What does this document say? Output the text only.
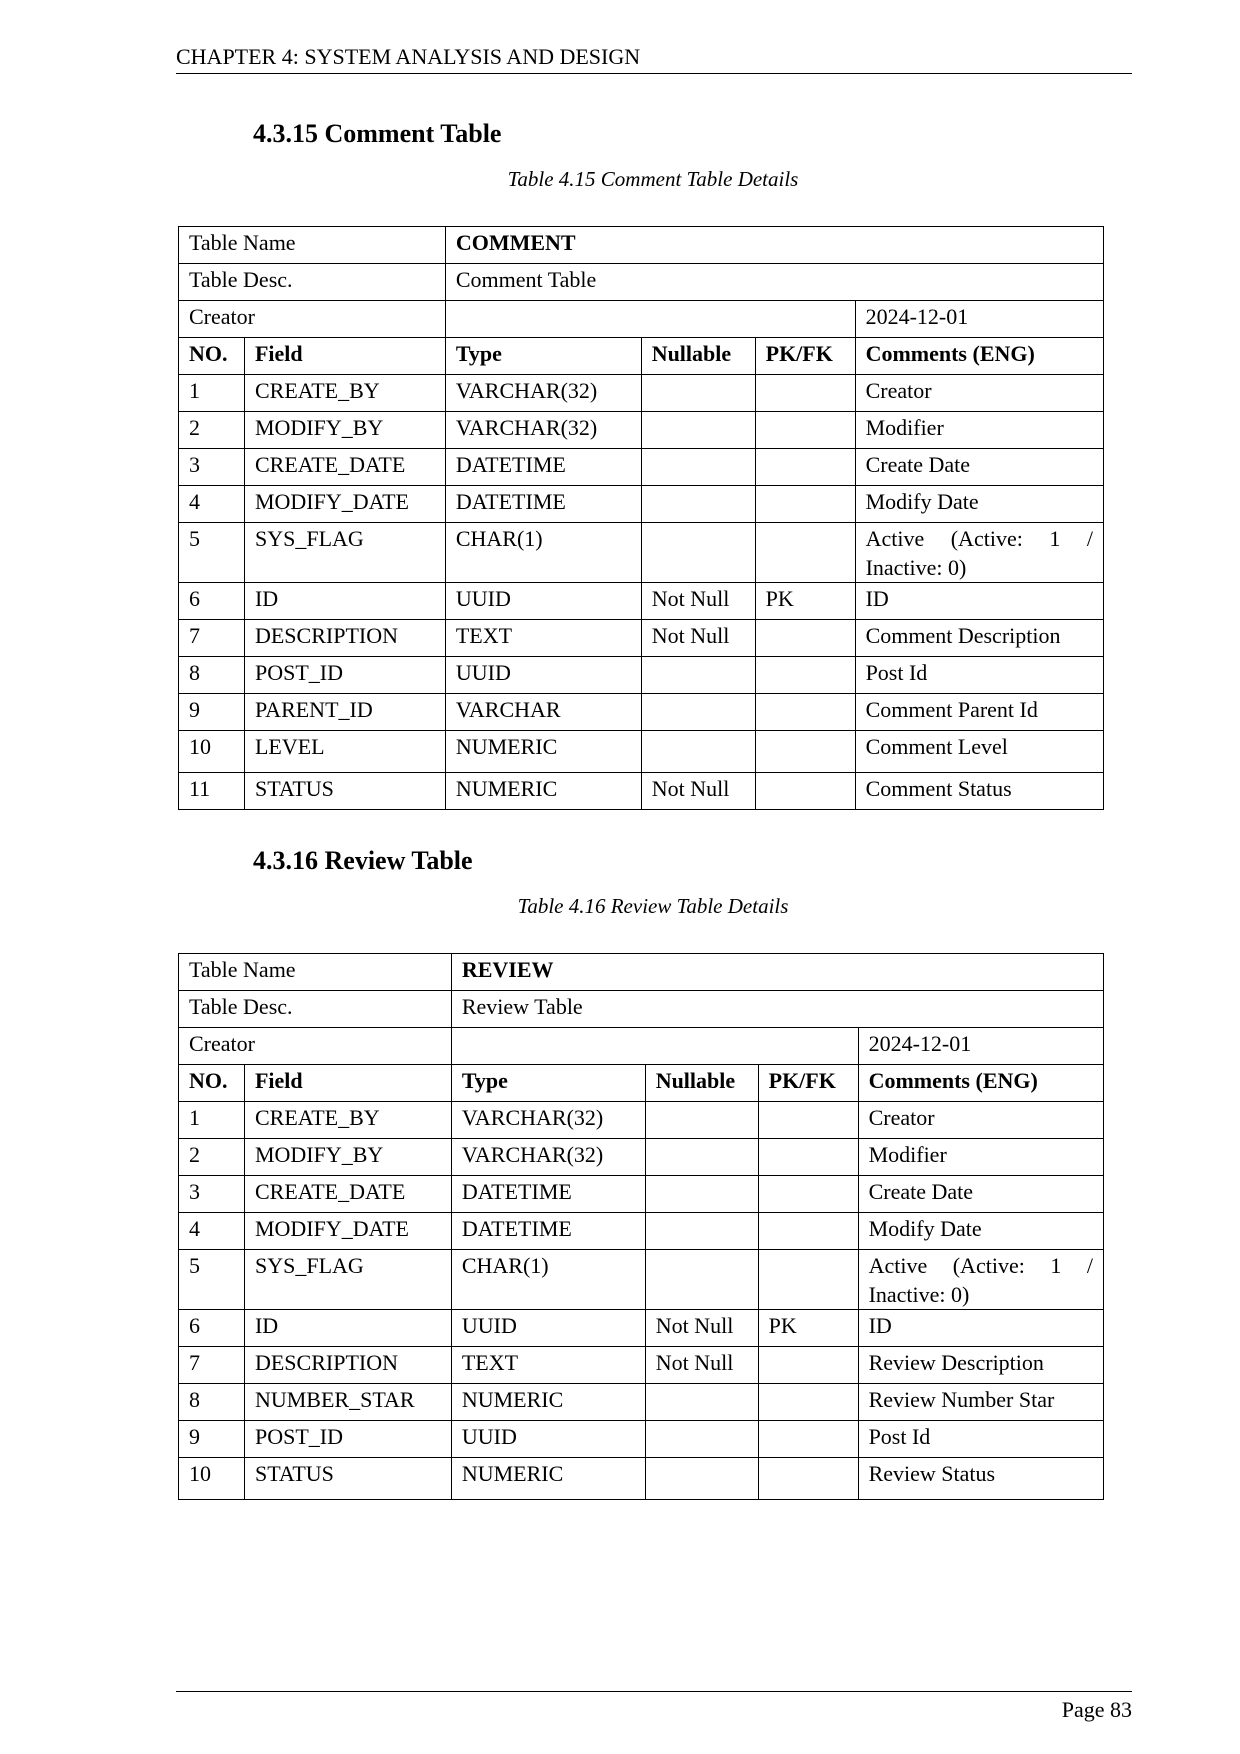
CHAPTER 4: SYSTEM ANALYSIS AND DESIGN
4.3.15 Comment Table
Table 4.15 Comment Table Details
Table Name		COMMENT			
Table Desc.		Comment Table			
Creator					2024-12-01
NO.	Field	Type	Nullable	PK/FK	Comments (ENG)
1	CREATE_BY	VARCHAR(32)			Creator
2	MODIFY_BY	VARCHAR(32)			Modifier
3	CREATE_DATE	DATETIME			Create Date
4	MODIFY_DATE	DATETIME			Modify Date
5	SYS_FLAG	CHAR(1)			Active (Active: 1 / Inactive: 0)
6	ID	UUID	Not Null	PK	ID
7	DESCRIPTION	TEXT	Not Null		Comment Description
8	POST_ID	UUID			Post Id
9	PARENT_ID	VARCHAR			Comment Parent Id
10	LEVEL	NUMERIC			Comment Level
11	STATUS	NUMERIC	Not Null		Comment Status
4.3.16 Review Table
Table 4.16 Review Table Details
Table Name		REVIEW			
Table Desc.		Review Table			
Creator					2024-12-01
NO.	Field	Type	Nullable	PK/FK	Comments (ENG)
1	CREATE_BY	VARCHAR(32)			Creator
2	MODIFY_BY	VARCHAR(32)			Modifier
3	CREATE_DATE	DATETIME			Create Date
4	MODIFY_DATE	DATETIME			Modify Date
5	SYS_FLAG	CHAR(1)			Active (Active: 1 / Inactive: 0)
6	ID	UUID	Not Null	PK	ID
7	DESCRIPTION	TEXT	Not Null		Review Description
8	NUMBER_STAR	NUMERIC			Review Number Star
9	POST_ID	UUID			Post Id
10	STATUS	NUMERIC			Review Status
Page 83
